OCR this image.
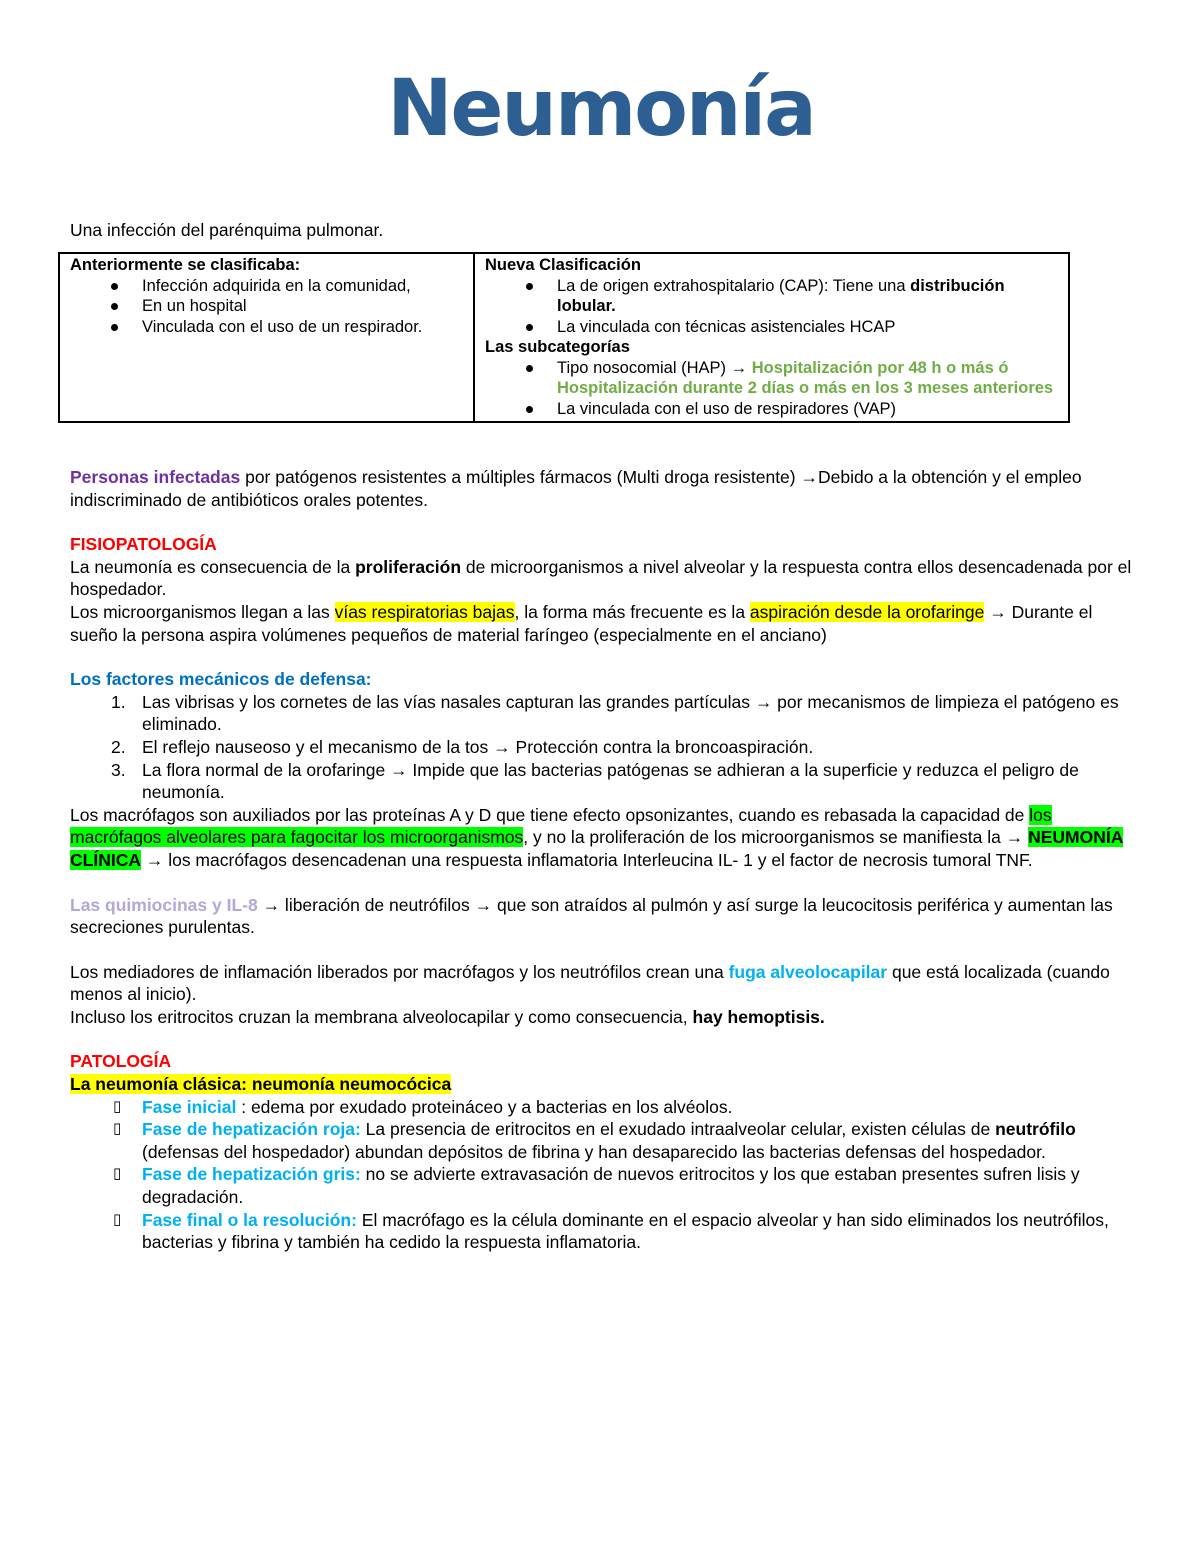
Neumonía
Una infección del parénquima pulmonar.
Anteriormente se clasificaba:
Infección adquirida en la comunidad,
En un hospital
Vinculada con el uso de un respirador.

Nueva Clasificación
La de origen extrahospitalario (CAP): Tiene una distribución lobular.
La vinculada con técnicas asistenciales HCAP
Las subcategorías
Tipo nosocomial (HAP) → Hospitalización por 48 h o más ó Hospitalización durante 2 días o más en los 3 meses anteriores
La vinculada con el uso de respiradores (VAP)

Personas infectadas por patógenos resistentes a múltiples fármacos (Multi droga resistente) →Debido a la obtención y el empleo indiscriminado de antibióticos orales potentes.

FISIOPATOLOGÍA

La neumonía es consecuencia de la proliferación de microorganismos a nivel alveolar y la respuesta contra ellos desencadenada por el hospedador.

Los microorganismos llegan a las vías respiratorias bajas, la forma más frecuente es la aspiración desde la orofaringe → Durante el sueño la persona aspira volúmenes pequeños de material faríngeo (especialmente en el anciano)

Los factores mecánicos de defensa:

1. Las vibrisas y los cornetes de las vías nasales capturan las grandes partículas → por mecanismos de limpieza el patógeno es eliminado.
2. El reflejo nauseoso y el mecanismo de la tos → Protección contra la broncoaspiración.
3. La flora normal de la orofaringe → Impide que las bacterias patógenas se adhieran a la superficie y reduzca el peligro de neumonía.

Los macrófagos son auxiliados por las proteínas A y D que tiene efecto opsonizantes, cuando es rebasada la capacidad de los macrófagos alveolares para fagocitar los microorganismos, y no la proliferación de los microorganismos se manifiesta la → NEUMONÍA CLÍNICA → los macrófagos desencadenan una respuesta inflamatoria Interleucina IL- 1 y el factor de necrosis tumoral TNF.

Las quimiocinas y IL-8 → liberación de neutrófilos → que son atraídos al pulmón y así surge la leucocitosis periférica y aumentan las secreciones purulentas.

Los mediadores de inflamación liberados por macrófagos y los neutrófilos crean una fuga alveolocapilar que está localizada (cuando menos al inicio).

Incluso los eritrocitos cruzan la membrana alveolocapilar y como consecuencia, hay hemoptisis.

PATOLOGÍA

La neumonía clásica: neumonía neumocócica

▯ Fase inicial : edema por exudado proteináceo y a bacterias en los alvéolos.
▯ Fase de hepatización roja: La presencia de eritrocitos en el exudado intraalveolar celular, existen células de neutrófilo (defensas del hospedador) abundan depósitos de fibrina y han desaparecido las bacterias defensas del hospedador.
▯ Fase de hepatización gris: no se advierte extravasación de nuevos eritrocitos y los que estaban presentes sufren lisis y degradación.
▯ Fase final o la resolución: El macrófago es la célula dominante en el espacio alveolar y han sido eliminados los neutrófilos, bacterias y fibrina y también ha cedido la respuesta inflamatoria.
